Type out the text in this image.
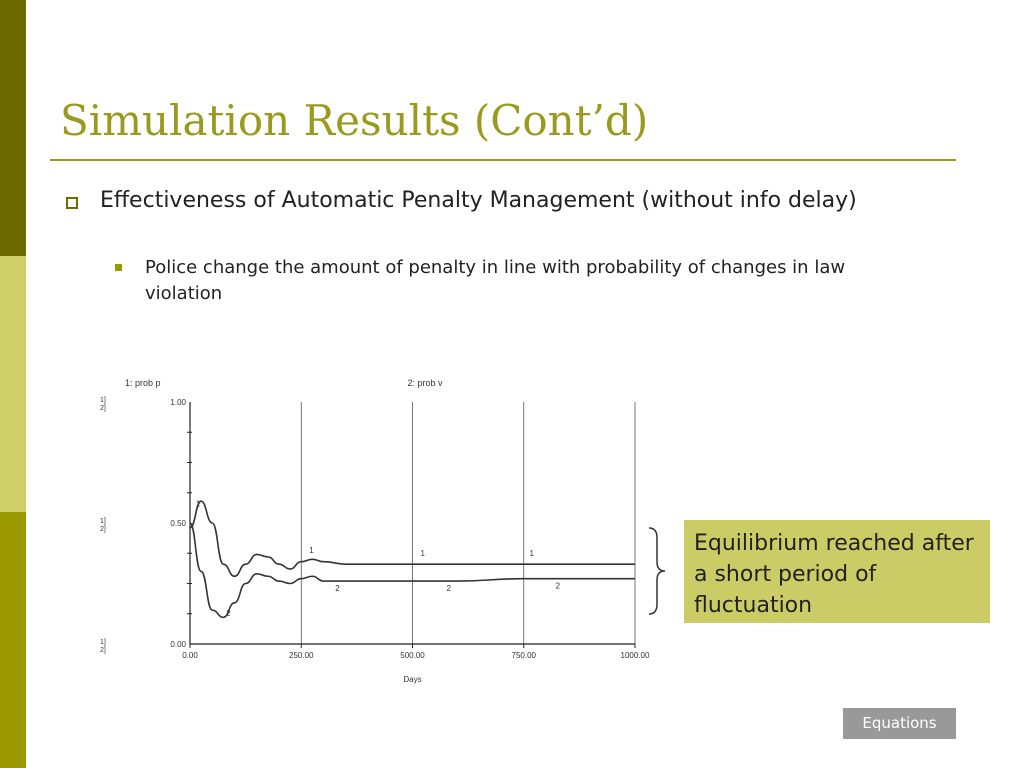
Simulation Results (Cont’d)
Effectiveness of Automatic Penalty Management (without info delay)
Police change the amount of penalty in line with probability of changes in law violation
1: prob p	2: prob v
1.00
1]
2]
0.50
1]
2]
0.00
1]
2]
0.00	250.00	500.00	750.00	1000.00
Days
1
1	1	1
2
2	2	2
Equilibrium reached after a short period of fluctuation
Equations
